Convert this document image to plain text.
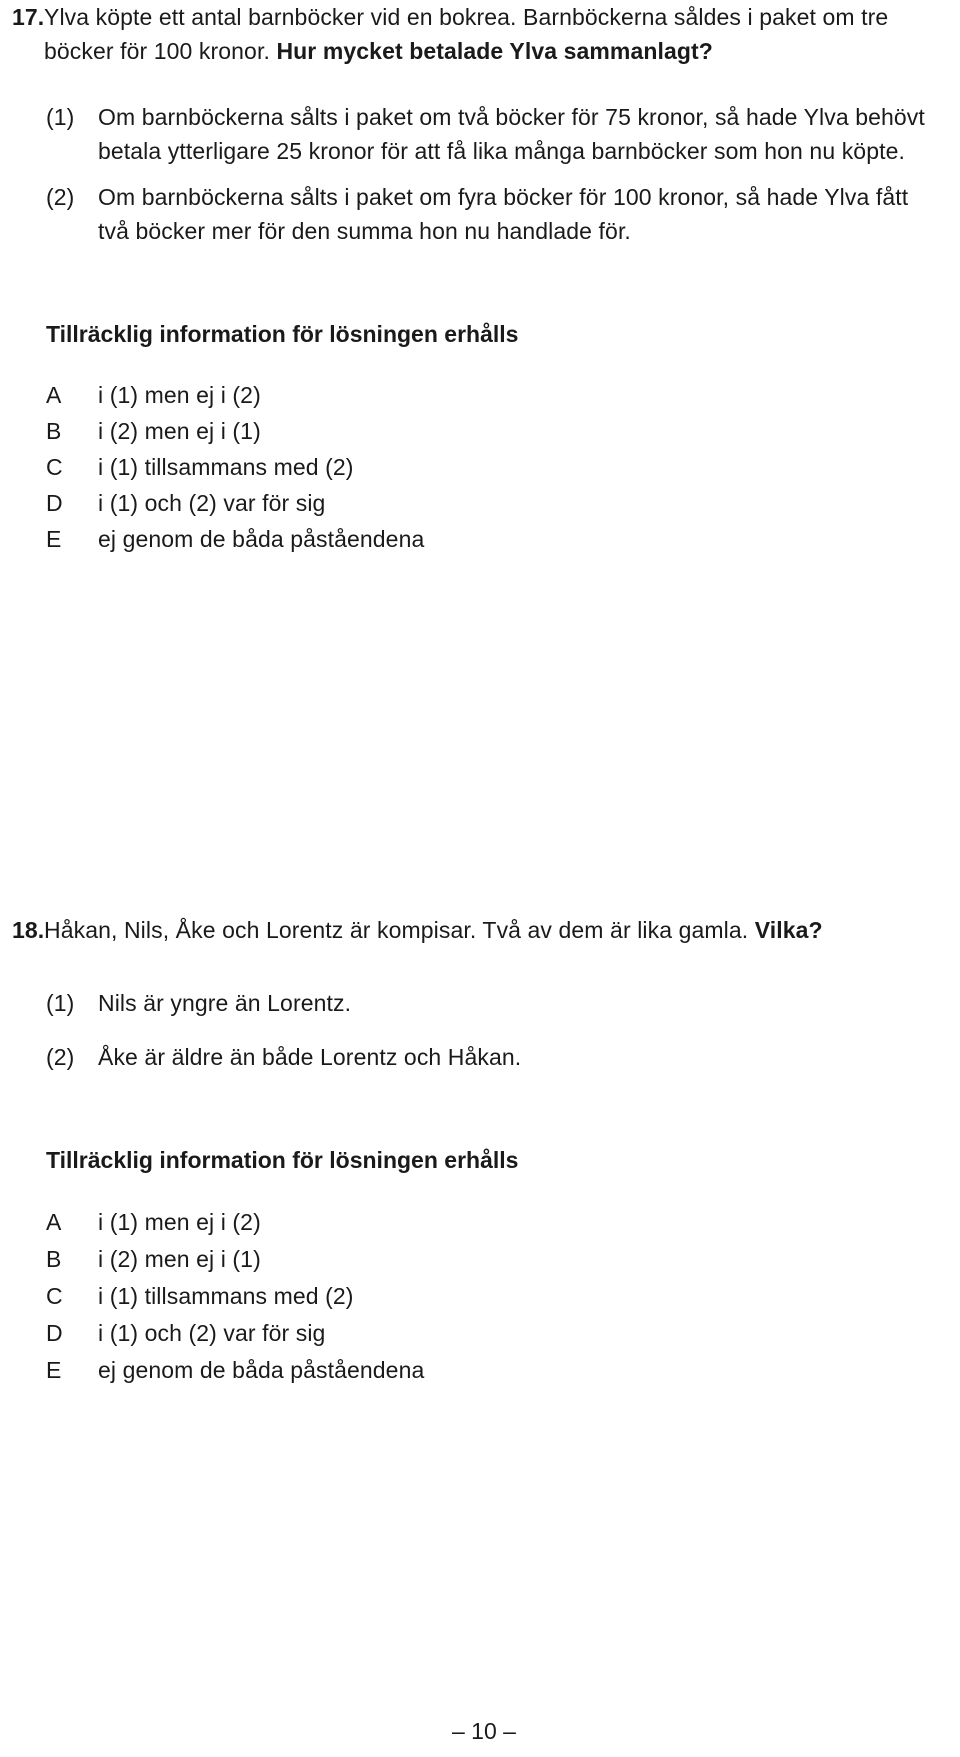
17.Ylva köpte ett antal barnböcker vid en bokrea. Barnböckerna såldes i paket om tre
böcker för 100 kronor. Hur mycket betalade Ylva sammanlagt?
(1)	Om barnböckerna sålts i paket om två böcker för 75 kronor, så hade Ylva behövt
betala ytterligare 25 kronor för att få lika många barnböcker som hon nu köpte.
(2)	Om barnböckerna sålts i paket om fyra böcker för 100 kronor, så hade Ylva fått
två böcker mer för den summa hon nu handlade för.
Tillräcklig information för lösningen erhålls
A	i (1) men ej i (2)
B	i (2) men ej i (1)
C	i (1) tillsammans med (2)
D	i (1) och (2) var för sig
E	ej genom de båda påståendena
18.Håkan, Nils, Åke och Lorentz är kompisar. Två av dem är lika gamla. Vilka?
(1)	Nils är yngre än Lorentz.
(2)	Åke är äldre än både Lorentz och Håkan.
Tillräcklig information för lösningen erhålls
A	i (1) men ej i (2)
B	i (2) men ej i (1)
C	i (1) tillsammans med (2)
D	i (1) och (2) var för sig
E	ej genom de båda påståendena
– 10 –
